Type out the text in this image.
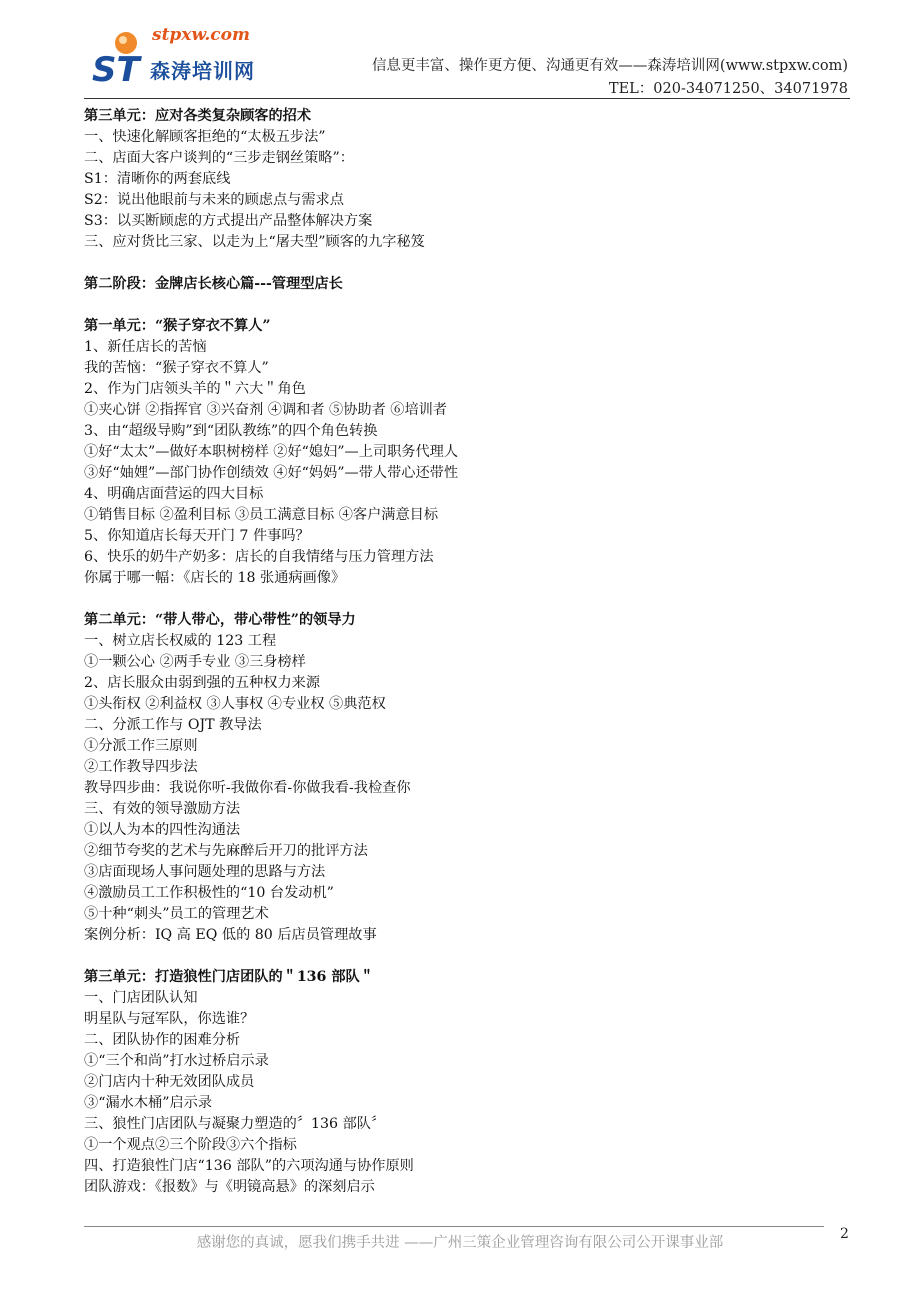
ST
stpxw.com
森涛培训网	信息更丰富、操作更方便、沟通更有效——森涛培训网(www.stpxw.com)
TEL：020-34071250、34071978
第三单元：应对各类复杂顾客的招术
一、快速化解顾客拒绝的“太极五步法”
二、店面大客户谈判的“三步走钢丝策略”：
S1：清晰你的两套底线
S2：说出他眼前与未来的顾虑点与需求点
S3：以买断顾虑的方式提出产品整体解决方案
三、应对货比三家、以走为上“屠夫型”顾客的九字秘笈
第二阶段：金牌店长核心篇---管理型店长
第一单元：“猴子穿衣不算人”
1、新任店长的苦恼
我的苦恼：“猴子穿衣不算人”
2、作为门店领头羊的＂六大＂角色
①夹心饼 ②指挥官 ③兴奋剂 ④调和者 ⑤协助者 ⑥培训者
3、由“超级导购”到“团队教练”的四个角色转换
①好“太太”—做好本职树榜样 ②好“媳妇”—上司职务代理人
③好“妯娌”—部门协作创绩效 ④好“妈妈”—带人带心还带性
4、明确店面营运的四大目标
①销售目标 ②盈利目标 ③员工满意目标 ④客户满意目标
5、你知道店长每天开门 7 件事吗？
6、快乐的奶牛产奶多：店长的自我情绪与压力管理方法
你属于哪一幅：《店长的 18 张通病画像》
第二单元：“带人带心，带心带性”的领导力
一、树立店长权威的 123 工程
①一颗公心 ②两手专业 ③三身榜样
2、店长服众由弱到强的五种权力来源
①头衔权 ②利益权 ③人事权 ④专业权 ⑤典范权
二、分派工作与 OJT 教导法
①分派工作三原则
②工作教导四步法
教导四步曲：我说你听-我做你看-你做我看-我检查你
三、有效的领导激励方法
①以人为本的四性沟通法
②细节夸奖的艺术与先麻醉后开刀的批评方法
③店面现场人事问题处理的思路与方法
④激励员工工作积极性的“10 台发动机”
⑤十种“刺头”员工的管理艺术
案例分析：IQ 高 EQ 低的 80 后店员管理故事
第三单元：打造狼性门店团队的＂136 部队＂
一、门店团队认知
明星队与冠军队，你选谁？
二、团队协作的困难分析
①“三个和尚”打水过桥启示录
②门店内十种无效团队成员
③“漏水木桶”启示录
三、狼性门店团队与凝聚力塑造的〞136 部队〞
①一个观点②三个阶段③六个指标
四、打造狼性门店“136 部队”的六项沟通与协作原则
团队游戏：《报数》与《明镜高悬》的深刻启示
感谢您的真诚，愿我们携手共进 ——广州三策企业管理咨询有限公司公开课事业部
2
